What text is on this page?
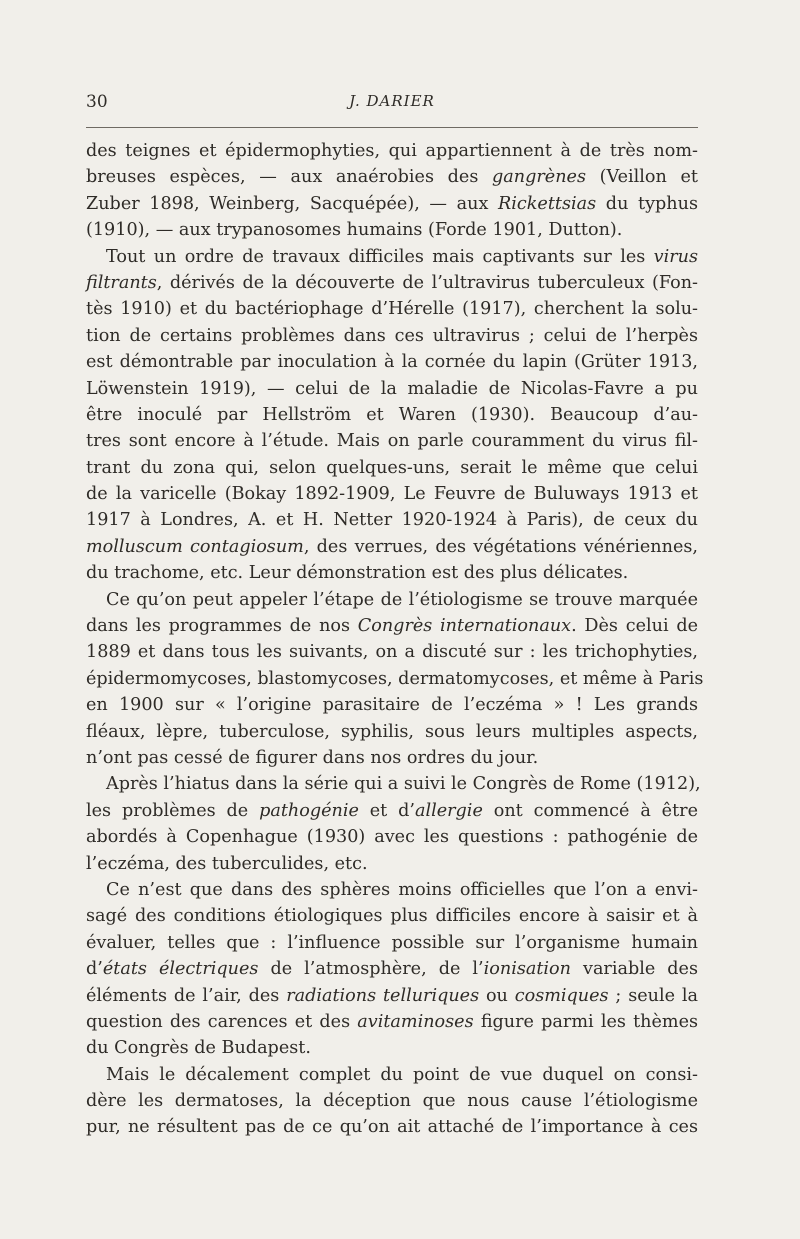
30	J. DARIER
des teignes et épidermophyties, qui appartiennent à de très nom-
breuses espèces, — aux anaérobies des gangrènes (Veillon et
Zuber 1898, Weinberg, Sacquépée), — aux Rickettsias du typhus
(1910), — aux trypanosomes humains (Forde 1901, Dutton).
Tout un ordre de travaux difficiles mais captivants sur les virus
filtrants, dérivés de la découverte de l’ultravirus tuberculeux (Fon-
tès 1910) et du bactériophage d’Hérelle (1917), cherchent la solu-
tion de certains problèmes dans ces ultravirus ; celui de l’herpès
est démontrable par inoculation à la cornée du lapin (Grüter 1913,
Löwenstein 1919), — celui de la maladie de Nicolas-Favre a pu
être inoculé par Hellström et Waren (1930). Beaucoup d’au-
tres sont encore à l’étude. Mais on parle couramment du virus fil-
trant du zona qui, selon quelques-uns, serait le même que celui
de la varicelle (Bokay 1892-1909, Le Feuvre de Buluways 1913 et
1917 à Londres, A. et H. Netter 1920-1924 à Paris), de ceux du
molluscum contagiosum, des verrues, des végétations vénériennes,
du trachome, etc. Leur démonstration est des plus délicates.
Ce qu’on peut appeler l’étape de l’étiologisme se trouve marquée
dans les programmes de nos Congrès internationaux. Dès celui de
1889 et dans tous les suivants, on a discuté sur : les trichophyties,
épidermomycoses, blastomycoses, dermatomycoses, et même à Paris
en 1900 sur « l’origine parasitaire de l’eczéma » ! Les grands
fléaux, lèpre, tuberculose, syphilis, sous leurs multiples aspects,
n’ont pas cessé de figurer dans nos ordres du jour.
Après l’hiatus dans la série qui a suivi le Congrès de Rome (1912),
les problèmes de pathogénie et d’allergie ont commencé à être
abordés à Copenhague (1930) avec les questions : pathogénie de
l’eczéma, des tuberculides, etc.
Ce n’est que dans des sphères moins officielles que l’on a envi-
sagé des conditions étiologiques plus difficiles encore à saisir et à
évaluer, telles que : l’influence possible sur l’organisme humain
d’états électriques de l’atmosphère, de l’ionisation variable des
éléments de l’air, des radiations telluriques ou cosmiques ; seule la
question des carences et des avitaminoses figure parmi les thèmes
du Congrès de Budapest.
Mais le décalement complet du point de vue duquel on consi-
dère les dermatoses, la déception que nous cause l’étiologisme
pur, ne résultent pas de ce qu’on ait attaché de l’importance à ces
